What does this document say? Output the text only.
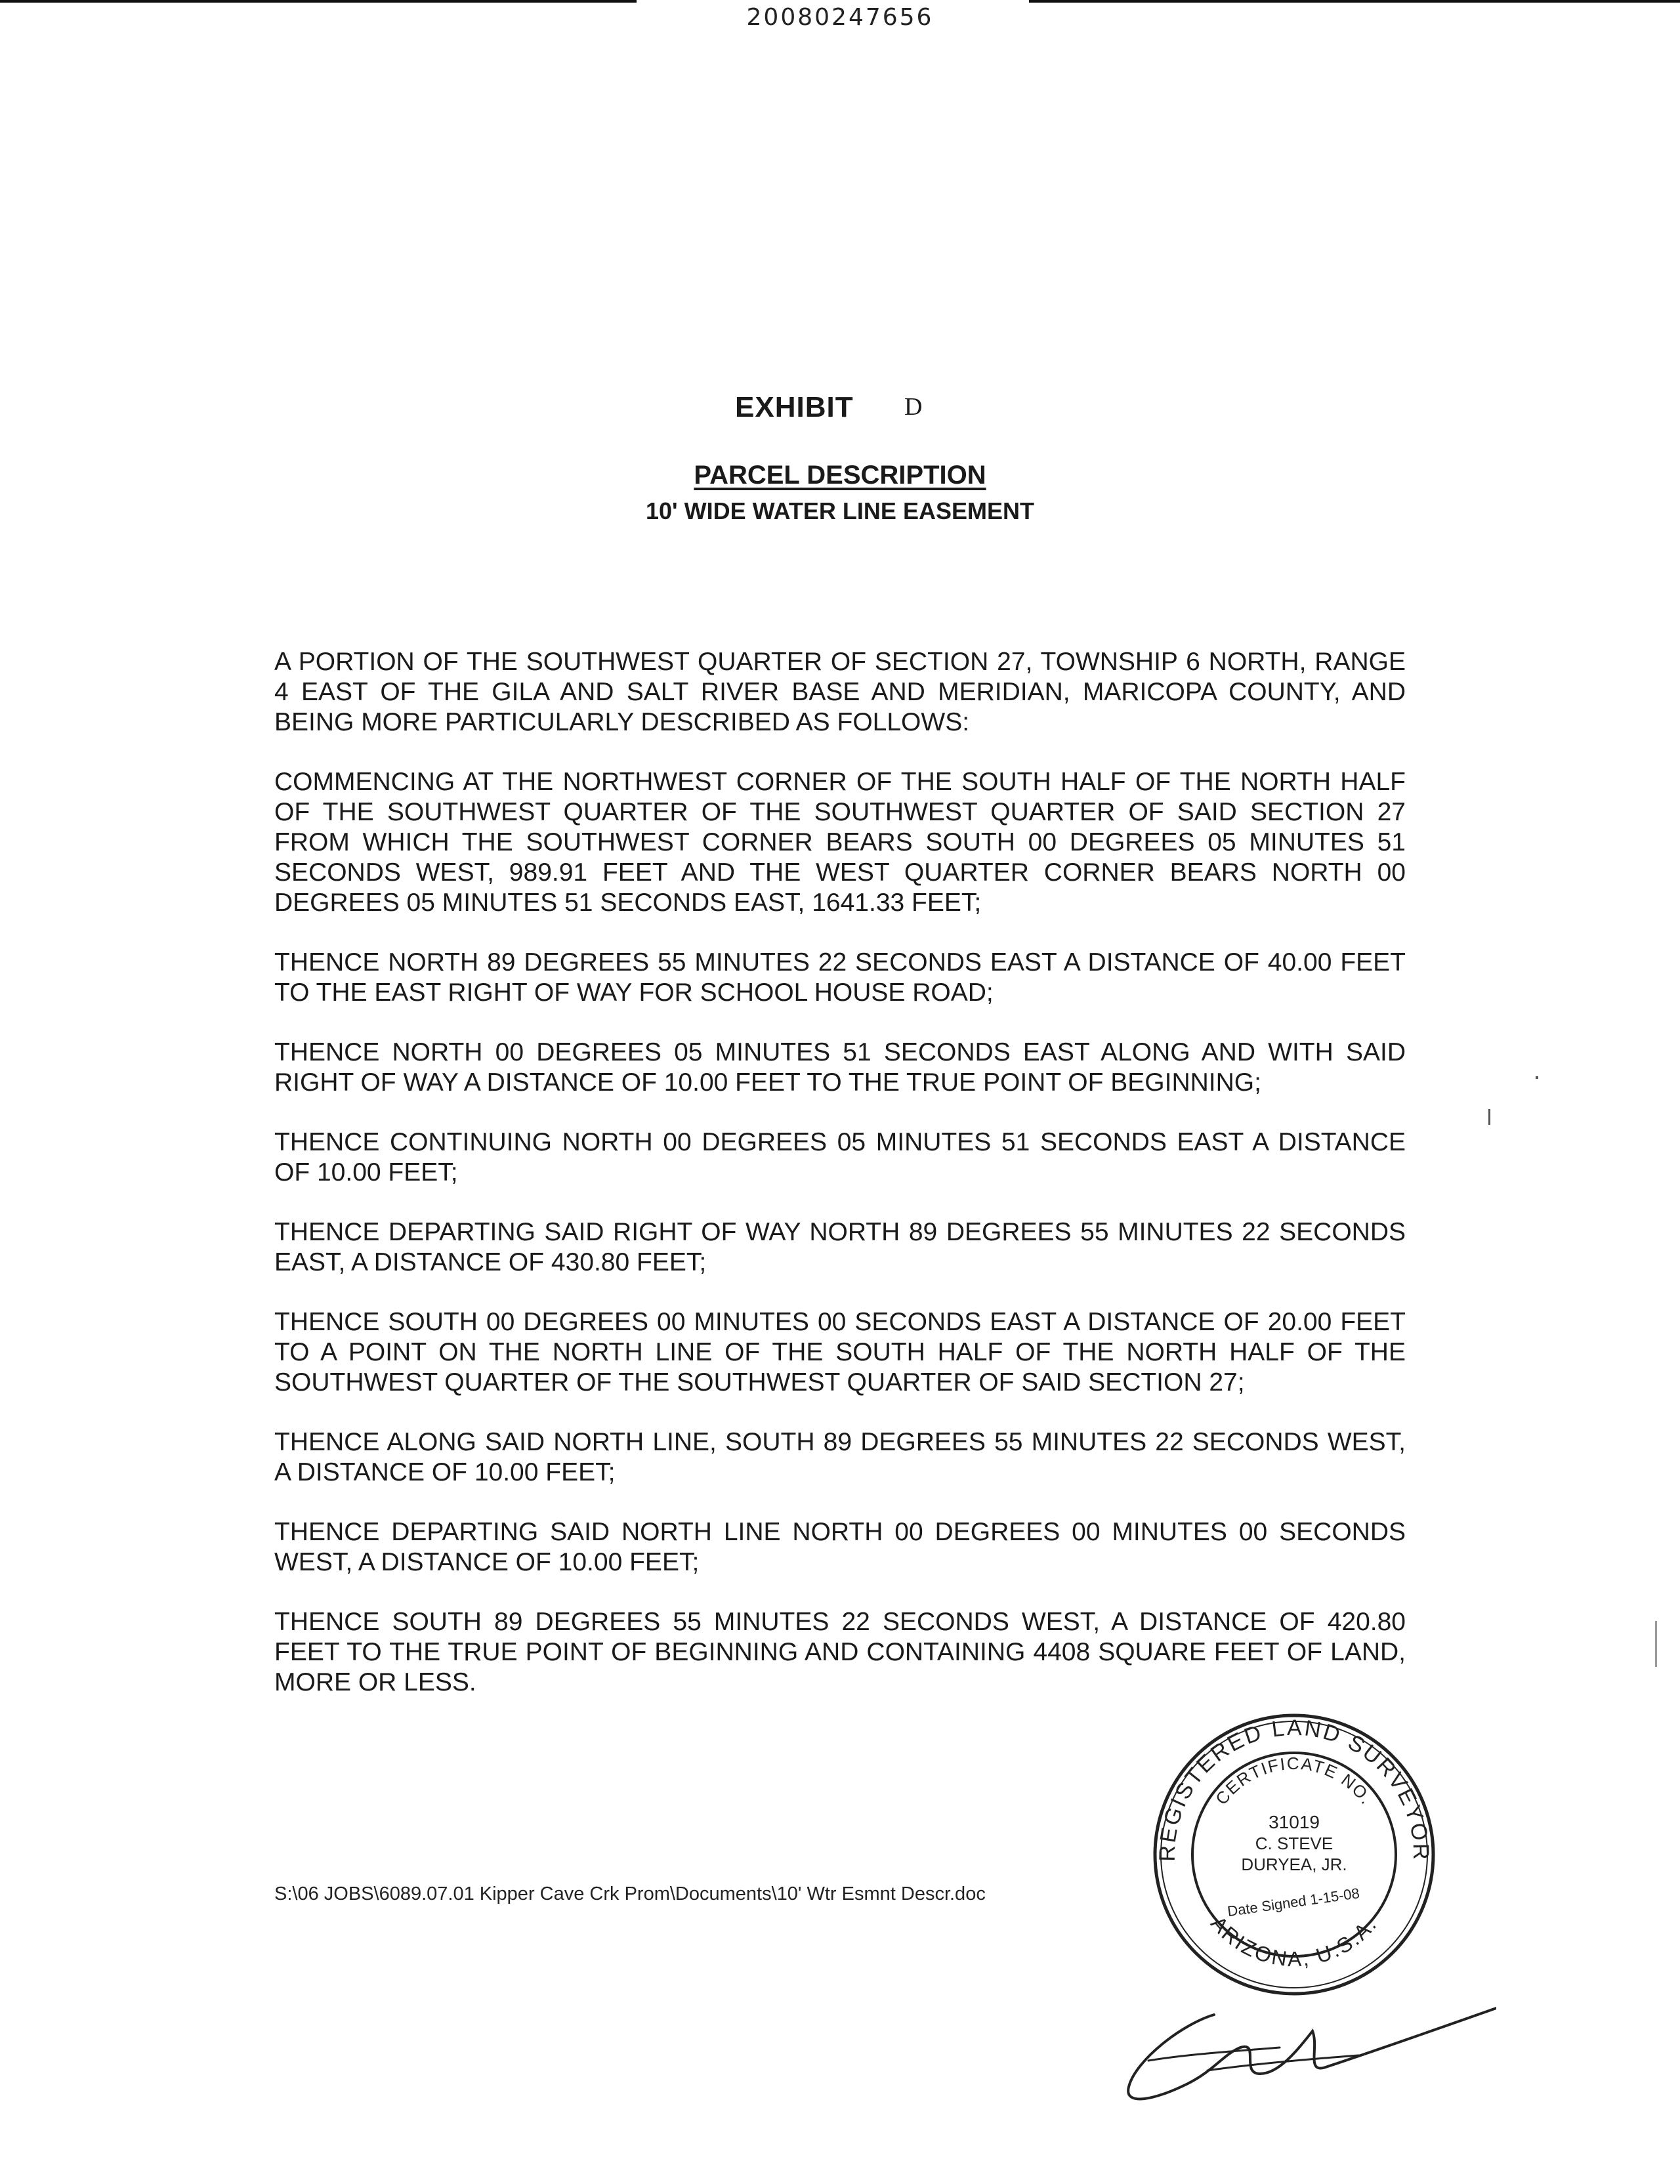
20080247656
EXHIBIT D
PARCEL DESCRIPTION
10' WIDE WATER LINE EASEMENT

A PORTION OF THE SOUTHWEST QUARTER OF SECTION 27, TOWNSHIP 6 NORTH, RANGE 4 EAST OF THE GILA AND SALT RIVER BASE AND MERIDIAN, MARICOPA COUNTY, AND BEING MORE PARTICULARLY DESCRIBED AS FOLLOWS:

COMMENCING AT THE NORTHWEST CORNER OF THE SOUTH HALF OF THE NORTH HALF OF THE SOUTHWEST QUARTER OF THE SOUTHWEST QUARTER OF SAID SECTION 27 FROM WHICH THE SOUTHWEST CORNER BEARS SOUTH 00 DEGREES 05 MINUTES 51 SECONDS WEST, 989.91 FEET AND THE WEST QUARTER CORNER BEARS NORTH 00 DEGREES 05 MINUTES 51 SECONDS EAST, 1641.33 FEET;

THENCE NORTH 89 DEGREES 55 MINUTES 22 SECONDS EAST A DISTANCE OF 40.00 FEET TO THE EAST RIGHT OF WAY FOR SCHOOL HOUSE ROAD;

THENCE NORTH 00 DEGREES 05 MINUTES 51 SECONDS EAST ALONG AND WITH SAID RIGHT OF WAY A DISTANCE OF 10.00 FEET TO THE TRUE POINT OF BEGINNING;

THENCE CONTINUING NORTH 00 DEGREES 05 MINUTES 51 SECONDS EAST A DISTANCE OF 10.00 FEET;

THENCE DEPARTING SAID RIGHT OF WAY NORTH 89 DEGREES 55 MINUTES 22 SECONDS EAST, A DISTANCE OF 430.80 FEET;

THENCE SOUTH 00 DEGREES 00 MINUTES 00 SECONDS EAST A DISTANCE OF 20.00 FEET TO A POINT ON THE NORTH LINE OF THE SOUTH HALF OF THE NORTH HALF OF THE SOUTHWEST QUARTER OF THE SOUTHWEST QUARTER OF SAID SECTION 27;

THENCE ALONG SAID NORTH LINE, SOUTH 89 DEGREES 55 MINUTES 22 SECONDS WEST, A DISTANCE OF 10.00 FEET;

THENCE DEPARTING SAID NORTH LINE NORTH 00 DEGREES 00 MINUTES 00 SECONDS WEST, A DISTANCE OF 10.00 FEET;

THENCE SOUTH 89 DEGREES 55 MINUTES 22 SECONDS WEST, A DISTANCE OF 420.80 FEET TO THE TRUE POINT OF BEGINNING AND CONTAINING 4408 SQUARE FEET OF LAND, MORE OR LESS.

S:\06 JOBS\6089.07.01 Kipper Cave Crk Prom\Documents\10' Wtr Esmnt Descr.doc
REGISTERED LAND SURVEYOR
CERTIFICATE NO.
31019
C. STEVE
DURYEA, JR.
Date Signed 1-15-08
ARIZONA, U.S.A.
